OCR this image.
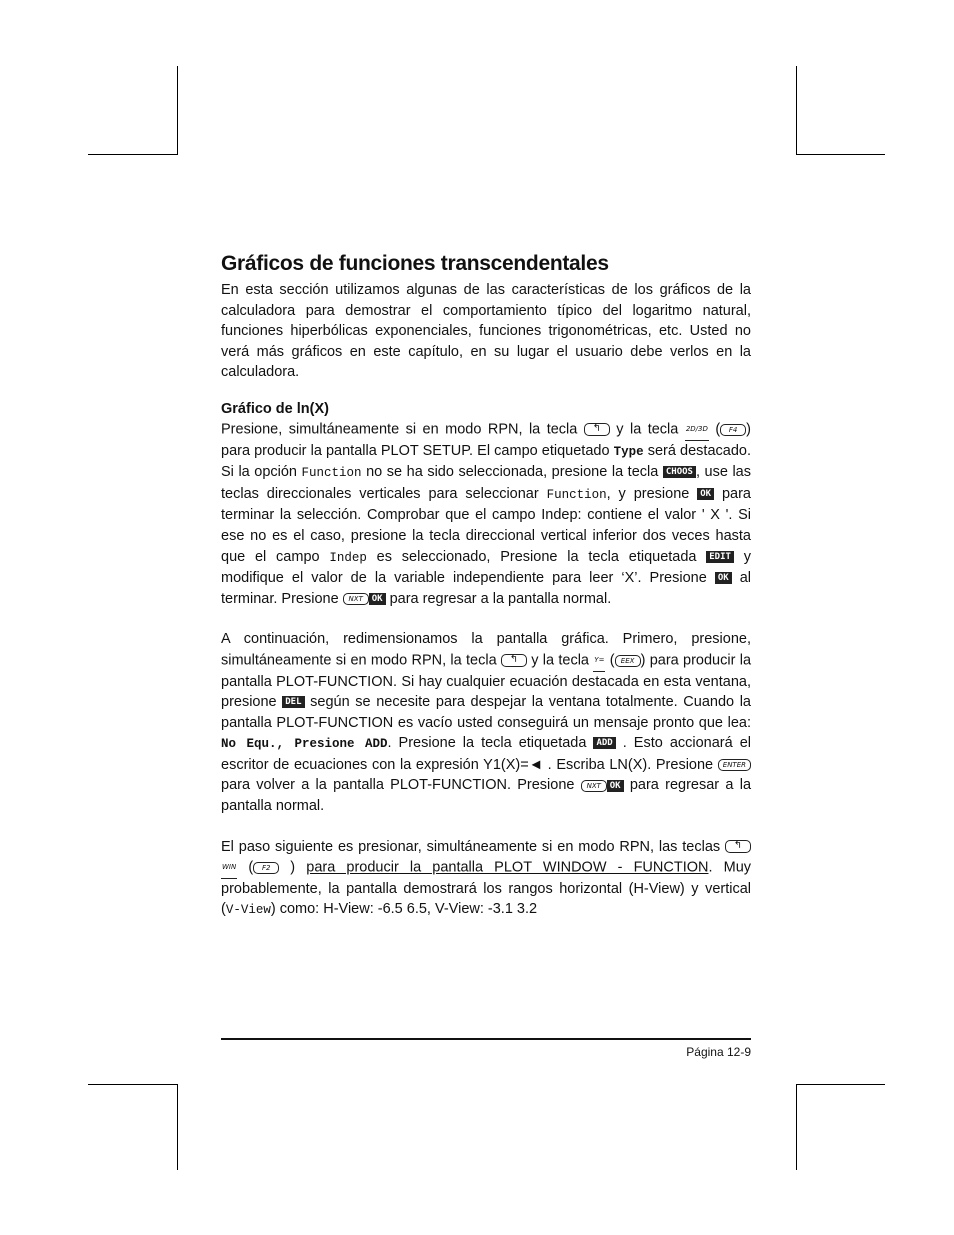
Gráficos de funciones transcendentales

En esta sección utilizamos algunas de las características de los gráficos de la calculadora para demostrar el comportamiento típico del logaritmo natural, funciones hiperbólicas exponenciales, funciones trigonométricas, etc. Usted no verá más gráficos en este capítulo, en su lugar el usuario debe verlos en la calculadora.

Gráfico de ln(X)

Presione, simultáneamente si en modo RPN, la tecla ↰ y la tecla 2D/3D ( F4 ) para producir la pantalla PLOT SETUP. El campo etiquetado Type será destacado. Si la opción Function no se ha sido seleccionada, presione la tecla CHOOS , use las teclas direccionales verticales para seleccionar Function, y presione OK para terminar la selección. Comprobar que el campo Indep: contiene el valor ' X '. Si ese no es el caso, presione la tecla direccional vertical inferior dos veces hasta que el campo Indep es seleccionado, Presione la tecla etiquetada EDIT y modifique el valor de la variable independiente para leer ‘X’. Presione OK al terminar. Presione NXT OK para regresar a la pantalla normal.

A continuación, redimensionamos la pantalla gráfica. Primero, presione, simultáneamente si en modo RPN, la tecla ↰ y la tecla Y= ( EEX ) para producir la pantalla PLOT-FUNCTION. Si hay cualquier ecuación destacada en esta ventana, presione DEL según se necesite para despejar la ventana totalmente. Cuando la pantalla PLOT-FUNCTION es vacío usted conseguirá un mensaje pronto que lea: No Equ., Presione ADD. Presione la tecla etiquetada ADD . Esto accionará el escritor de ecuaciones con la expresión Y1(X)=◄ . Escriba LN(X). Presione ENTER para volver a la pantalla PLOT-FUNCTION. Presione NXT OK para regresar a la pantalla normal.

El paso siguiente es presionar, simultáneamente si en modo RPN, las teclas ↰ WIN ( F2 ) para producir la pantalla PLOT WINDOW - FUNCTION. Muy probablemente, la pantalla demostrará los rangos horizontal (H-View) y vertical (V-View) como: H-View: -6.5 6.5, V-View: -3.1 3.2

Página 12-9
